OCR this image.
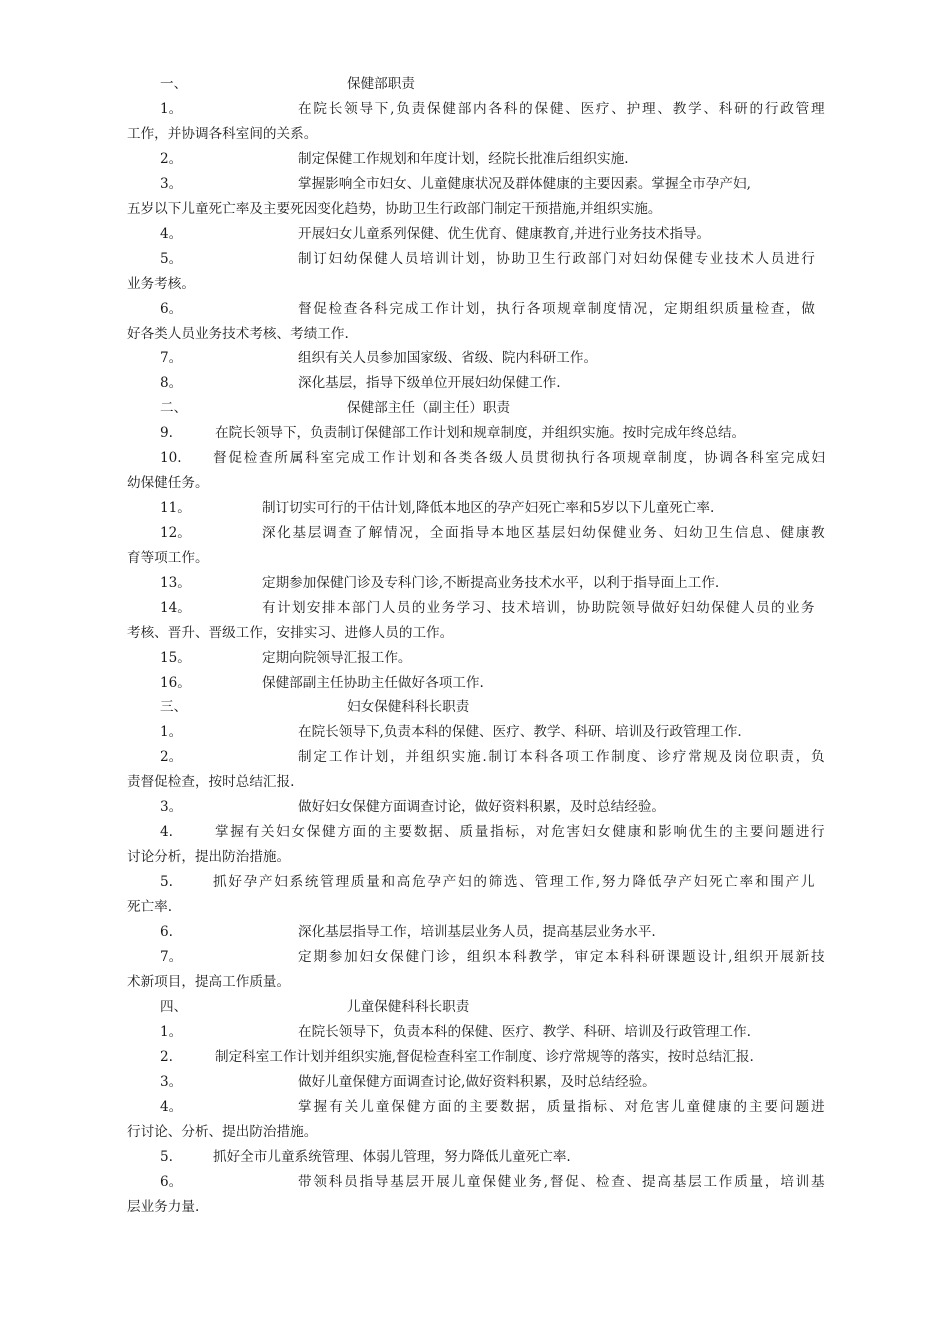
一、	保健部职责
1。	在 院 长 领 导 下 , 负 责 保 健 部 内 各 科 的 保 健 、 医 疗 、 护 理 、 教 学 、 科 研 的 行 政 管 理
工作，并协调各科室间的关系。
2。	制定保健工作规划和年度计划，经院长批准后组织实施.
3。	掌握影响全市妇女、儿童健康状况及群体健康的主要因素。掌握全市孕产妇,
五岁以下儿童死亡率及主要死因变化趋势，协助卫生行政部门制定干预措施,并组织实施。
4。	开展妇女儿童系列保健、优生优育、健康教育,并进行业务技术指导。
5。	制 订 妇 幼 保 健 人 员 培 训 计 划 ， 协 助 卫 生 行 政 部 门 对 妇 幼 保 健 专 业 技 术 人 员 进 行
业务考核。
6。	督 促 检 查 各 科 完 成 工 作 计 划 ， 执 行 各 项 规 章 制 度 情 况 ， 定 期 组 织 质 量 检 查 ， 做
好各类人员业务技术考核、考绩工作.
7。	组织有关人员参加国家级、省级、院内科研工作。
8。	深化基层，指导下级单位开展妇幼保健工作.
二、	保健部主任（副主任）职责
9.	在院长领导下，负责制订保健部工作计划和规章制度，并组织实施。按时完成年终总结。
10. 督 促 检 查 所 属 科 室 完 成 工 作 计 划 和 各 类 各 级 人 员 贯 彻 执 行 各 项 规 章 制 度 ， 协 调 各 科 室 完 成 妇
幼保健任务。
11。	制订切实可行的干估计划,降低本地区的孕产妇死亡率和5岁以下儿童死亡率.
12。	深 化 基 层 调 查 了 解 情 况 ， 全 面 指 导 本 地 区 基 层 妇 幼 保 健 业 务 、 妇 幼 卫 生 信 息 、 健 康 教
育等项工作。
13。	定期参加保健门诊及专科门诊,不断提高业务技术水平，以利于指导面上工作.
14。	有 计 划 安 排 本 部 门 人 员 的 业 务 学 习 、 技 术 培 训 ， 协 助 院 领 导 做 好 妇 幼 保 健 人 员 的 业 务
考核、晋升、晋级工作，安排实习、进修人员的工作。
15。	定期向院领导汇报工作。
16。	保健部副主任协助主任做好各项工作.
三、	妇女保健科科长职责
1。	在院长领导下,负责本科的保健、医疗、教学、科研、培训及行政管理工作.
2。	制 定 工 作 计 划 ， 并 组 织 实 施 . 制 订 本 科 各 项 工 作 制 度 、 诊 疗 常 规 及 岗 位 职 责 ， 负
责督促检查，按时总结汇报.
3。	做好妇女保健方面调查讨论，做好资料积累，及时总结经验。
4.	掌 握 有 关 妇 女 保 健 方 面 的 主 要 数 据 、 质 量 指 标 ， 对 危 害 妇 女 健 康 和 影 响 优 生 的 主 要 问 题 进 行
讨论分析，提出防治措施。
5.	抓 好 孕 产 妇 系 统 管 理 质 量 和 高 危 孕 产 妇 的 筛 选 、 管 理 工 作 , 努 力 降 低 孕 产 妇 死 亡 率 和 围 产 儿
死亡率.
6.	深化基层指导工作，培训基层业务人员，提高基层业务水平.
7。	定 期 参 加 妇 女 保 健 门 诊 ， 组 织 本 科 教 学 ， 审 定 本 科 科 研 课 题 设 计 , 组 织 开 展 新 技
术新项目，提高工作质量。
四、	儿童保健科科长职责
1。	在院长领导下，负责本科的保健、医疗、教学、科研、培训及行政管理工作.
2.	制定科室工作计划并组织实施,督促检查科室工作制度、诊疗常规等的落实，按时总结汇报.
3。	做好儿童保健方面调查讨论,做好资料积累，及时总结经验。
4。	掌 握 有 关 儿 童 保 健 方 面 的 主 要 数 据 ， 质 量 指 标 、 对 危 害 儿 童 健 康 的 主 要 问 题 进
行讨论、分析、提出防治措施。
5.	抓好全市儿童系统管理、体弱儿管理，努力降低儿童死亡率.
6。	带 领 科 员 指 导 基 层 开 展 儿 童 保 健 业 务 , 督 促 、 检 查 、 提 高 基 层 工 作 质 量 ， 培 训 基
层业务力量.
